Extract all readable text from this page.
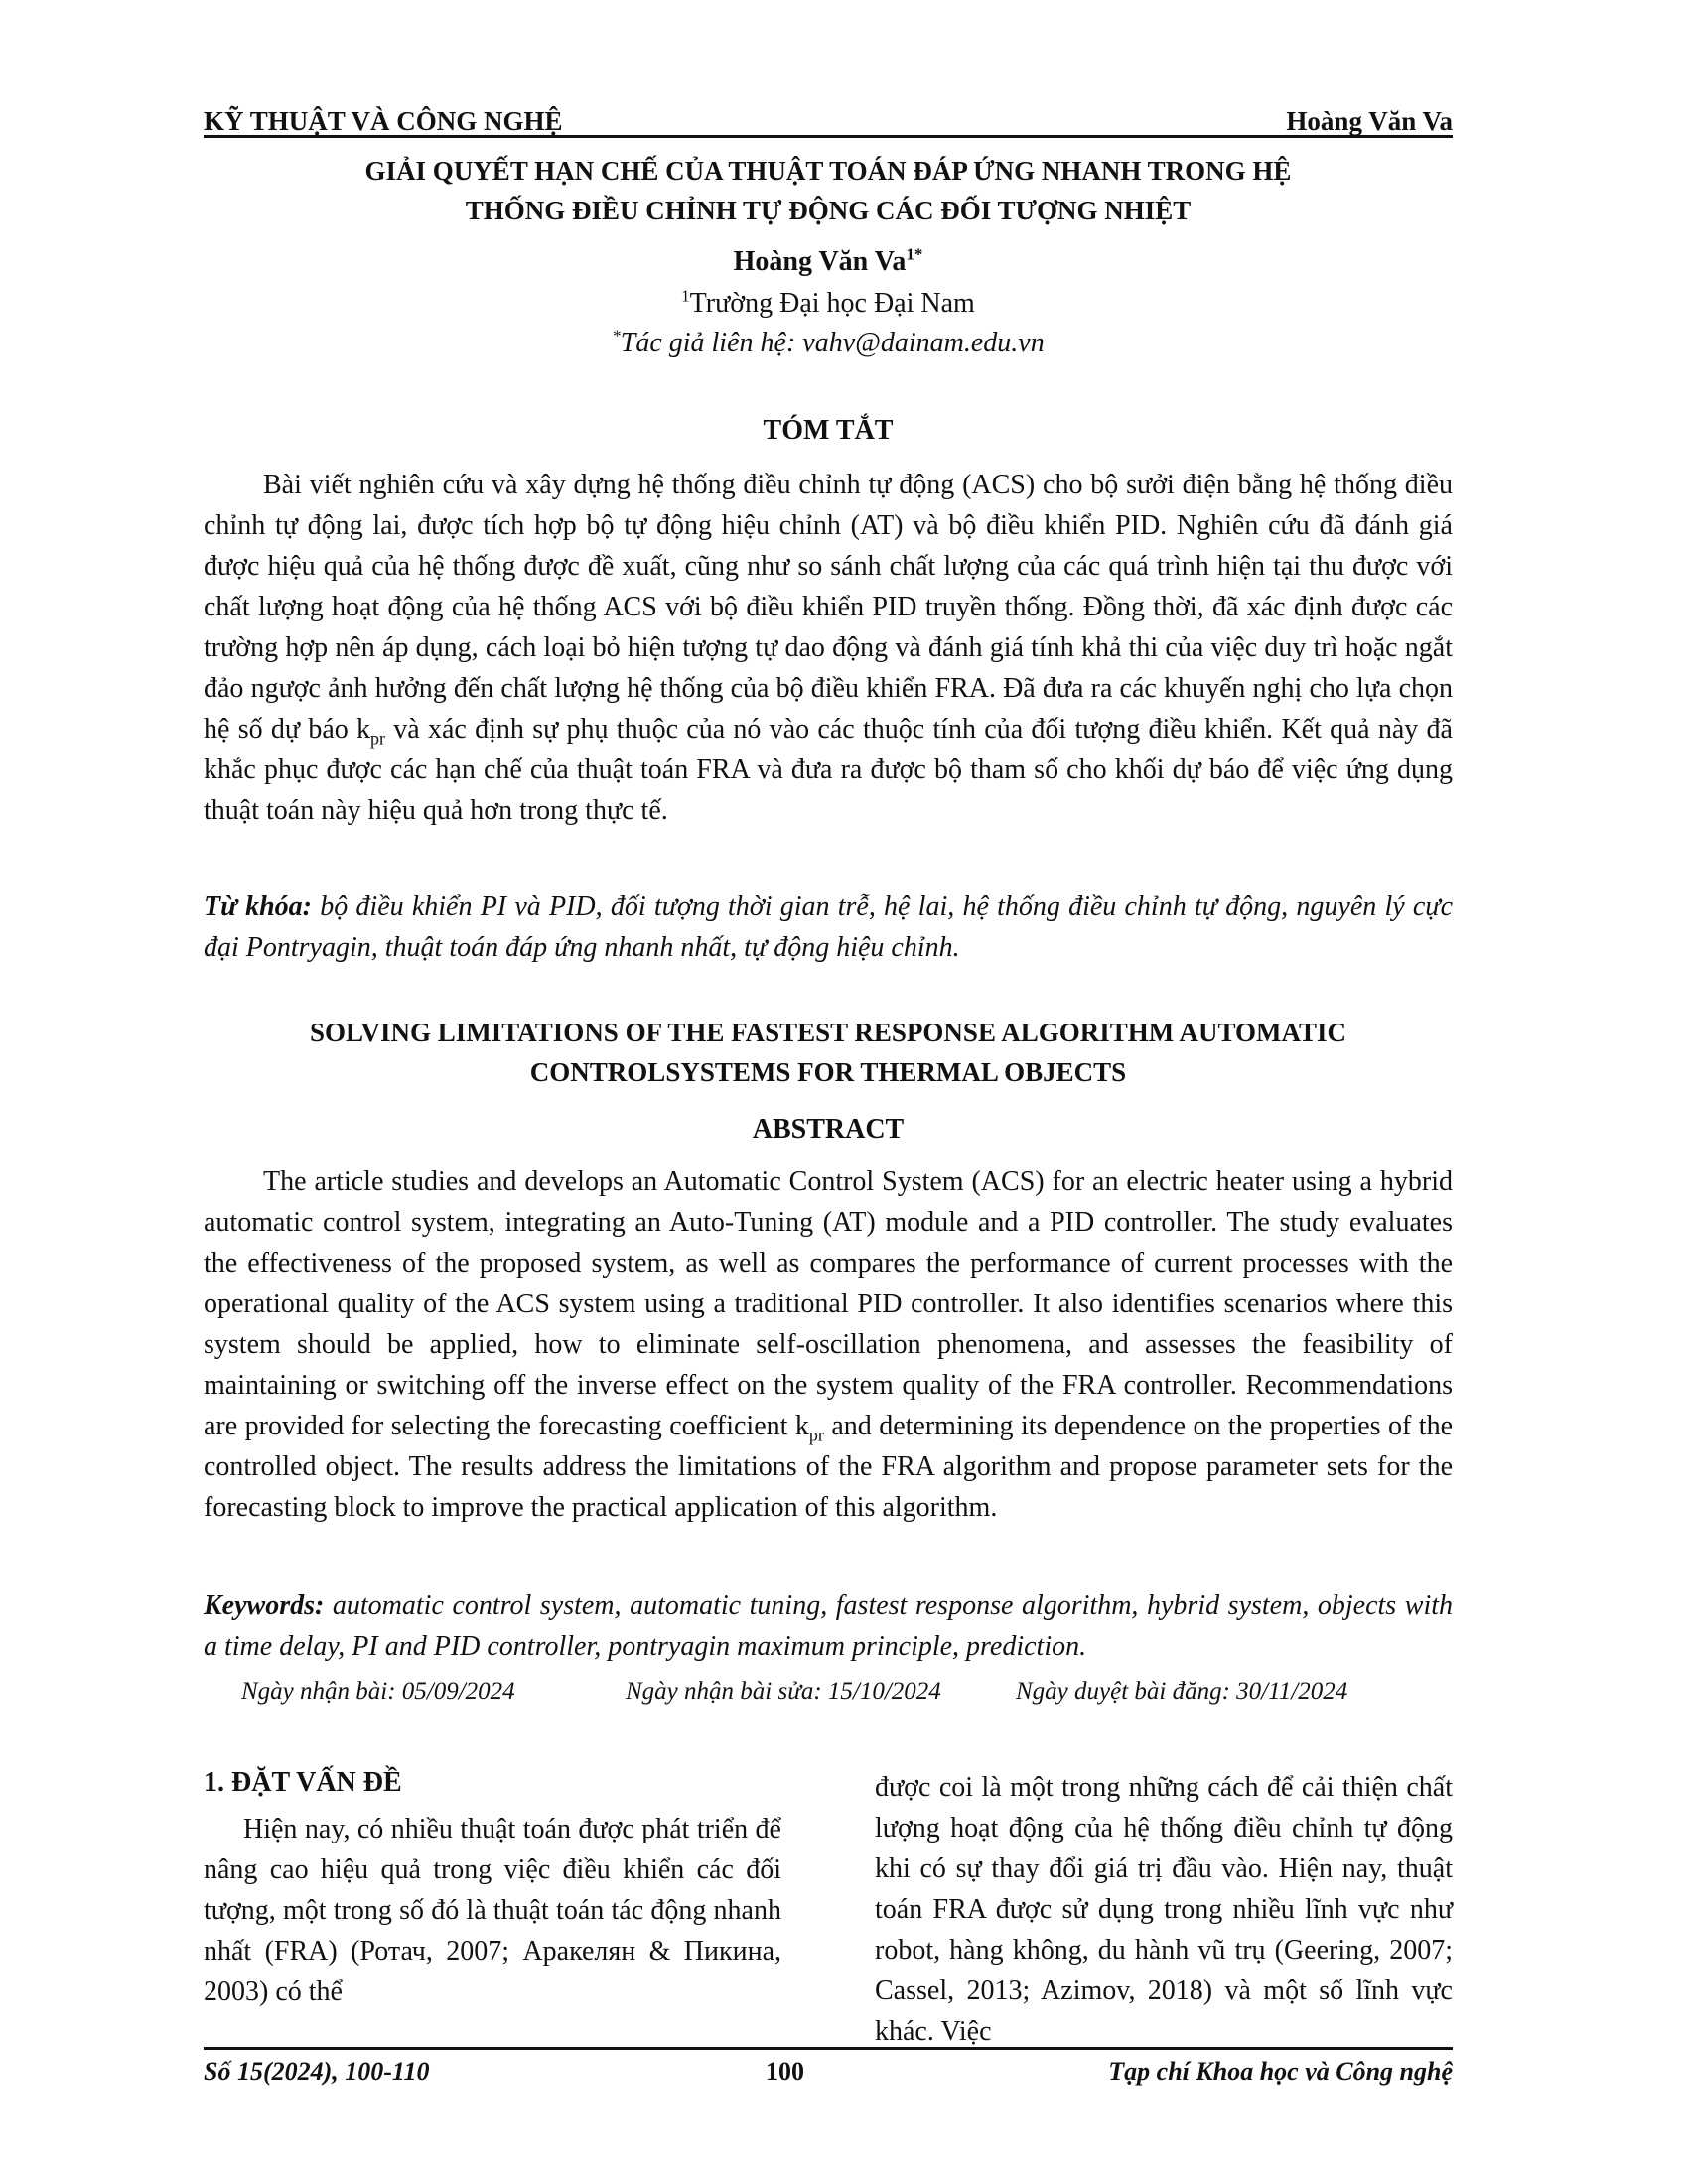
KỸ THUẬT VÀ CÔNG NGHỆ	Hoàng Văn Va
GIẢI QUYẾT HẠN CHẾ CỦA THUẬT TOÁN ĐÁP ỨNG NHANH TRONG HỆ
THỐNG ĐIỀU CHỈNH TỰ ĐỘNG CÁC ĐỐI TƯỢNG NHIỆT
Hoàng Văn $Va^{1*}$
$^1$Trường Đại học Đại Nam
*Tác giả liên hệ: vahv@dainam.edu.vn
TÓM TẮT

Bài viết nghiên cứu và xây dựng hệ thống điều chỉnh tự động (ACS) cho bộ sưởi điện bằng hệ thống điều chỉnh tự động lai, được tích hợp bộ tự động hiệu chỉnh (AT) và bộ điều khiển PID. Nghiên cứu đã đánh giá được hiệu quả của hệ thống được đề xuất, cũng như so sánh chất lượng của các quá trình hiện tại thu được với chất lượng hoạt động của hệ thống ACS với bộ điều khiển PID truyền thống. Đồng thời, đã xác định được các trường hợp nên áp dụng, cách loại bỏ hiện tượng tự dao động và đánh giá tính khả thi của việc duy trì hoặc ngắt đảo ngược ảnh hưởng đến chất lượng hệ thống của bộ điều khiển FRA. Đã đưa ra các khuyến nghị cho lựa chọn hệ số dự báo $k_{pr}$ và xác định sự phụ thuộc của nó vào các thuộc tính của đối tượng điều khiển. Kết quả này đã khắc phục được các hạn chế của thuật toán FRA và đưa ra được bộ tham số cho khối dự báo để việc ứng dụng thuật toán này hiệu quả hơn trong thực tế.

Từ khóa: bộ điều khiển PI và PID, đối tượng thời gian trễ, hệ lai, hệ thống điều chỉnh tự động, nguyên lý cực đại Pontryagin, thuật toán đáp ứng nhanh nhất, tự động hiệu chỉnh.

SOLVING LIMITATIONS OF THE FASTEST RESPONSE ALGORITHM AUTOMATIC
CONTROLSYSTEMS FOR THERMAL OBJECTS
ABSTRACT

The article studies and develops an Automatic Control System (ACS) for an electric heater using a hybrid automatic control system, integrating an Auto-Tuning (AT) module and a PID controller. The study evaluates the effectiveness of the proposed system, as well as compares the performance of current processes with the operational quality of the ACS system using a traditional PID controller. It also identifies scenarios where this system should be applied, how to eliminate self-oscillation phenomena, and assesses the feasibility of maintaining or switching off the inverse effect on the system quality of the FRA controller. Recommendations are provided for selecting the forecasting coefficient $k_{pr}$ and determining its dependence on the properties of the controlled object. The results address the limitations of the FRA algorithm and propose parameter sets for the forecasting block to improve the practical application of this algorithm.

Keywords: automatic control system, automatic tuning, fastest response algorithm, hybrid system, objects with a time delay, PI and PID controller, pontryagin maximum principle, prediction.

Ngày nhận bài: 05/09/2024	Ngày nhận bài sửa: 15/10/2024	Ngày duyệt bài đăng: 30/11/2024
1. ĐẶT VẤN ĐỀ

Hiện nay, có nhiều thuật toán được phát triển để nâng cao hiệu quả trong việc điều khiển các đối tượng, một trong số đó là thuật toán tác động nhanh nhất (FRA) (Ротач, 2007; Аракелян & Пикина, 2003) có thể

được coi là một trong những cách để cải thiện chất lượng hoạt động của hệ thống điều chỉnh tự động khi có sự thay đổi giá trị đầu vào. Hiện nay, thuật toán FRA được sử dụng trong nhiều lĩnh vực như robot, hàng không, du hành vũ trụ (Geering, 2007; Cassel, 2013; Azimov, 2018) và một số lĩnh vực khác. Việc

Số 15(2024), 100-110	100	Tạp chí Khoa học và Công nghệ
